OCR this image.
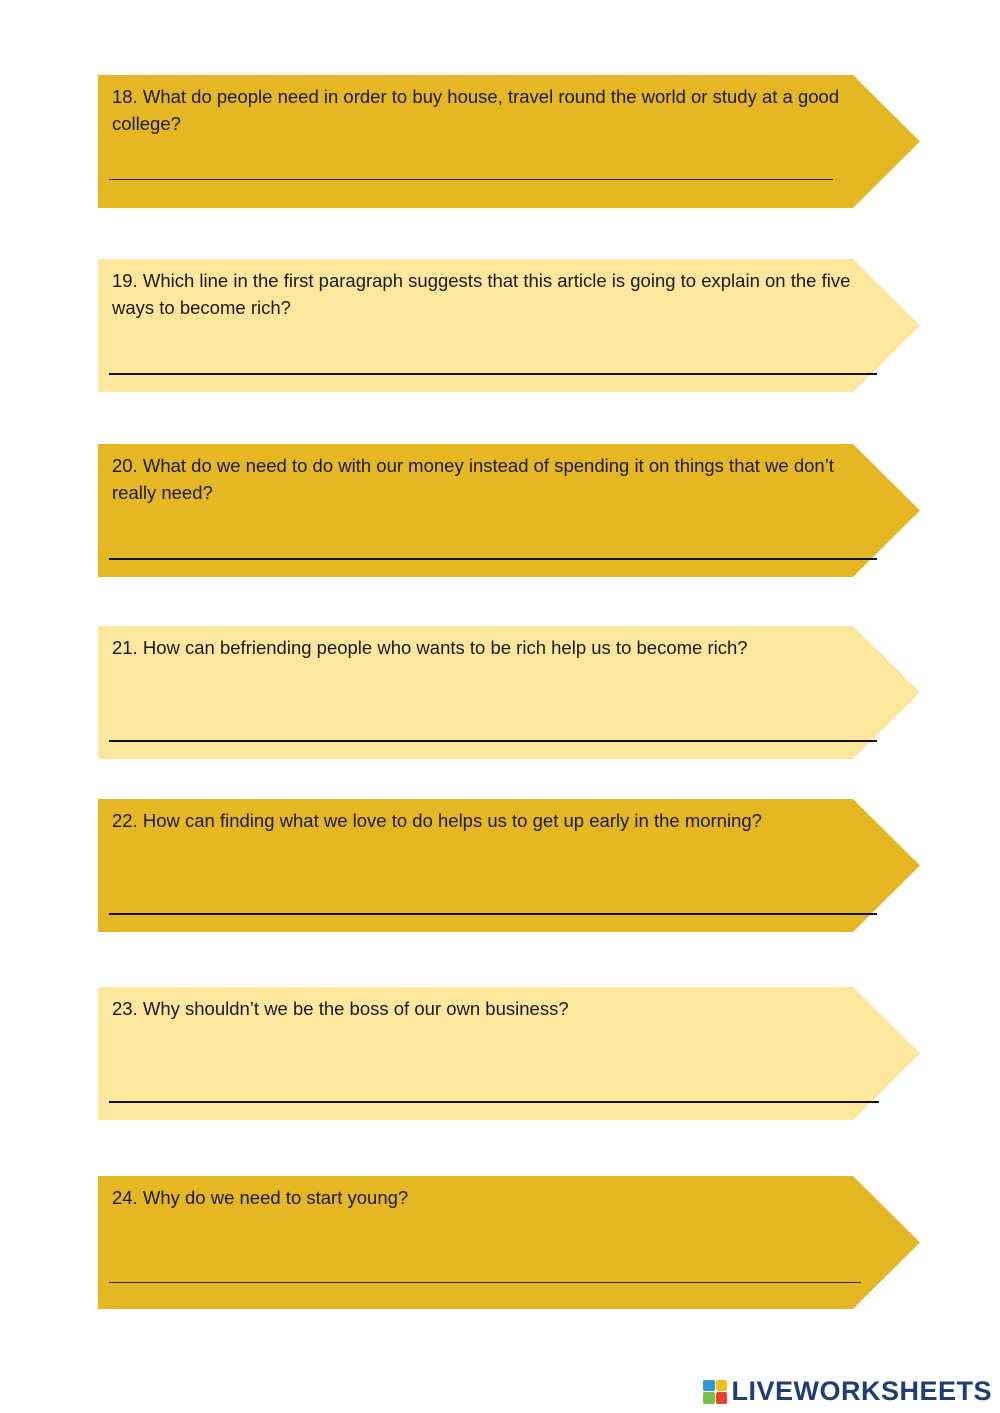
18. What do people need in order to buy house, travel round the world or study at a good college?
19. Which line in the first paragraph suggests that this article is going to explain on the five ways to become rich?
20. What do we need to do with our money instead of spending it on things that we don’t really need?
21. How can befriending people who wants to be rich help us to become rich?
22. How can finding what we love to do helps us to get up early in the morning?
23. Why shouldn’t we be the boss of our own business?
24. Why do we need to start young?
LIVEWORKSHEETS
